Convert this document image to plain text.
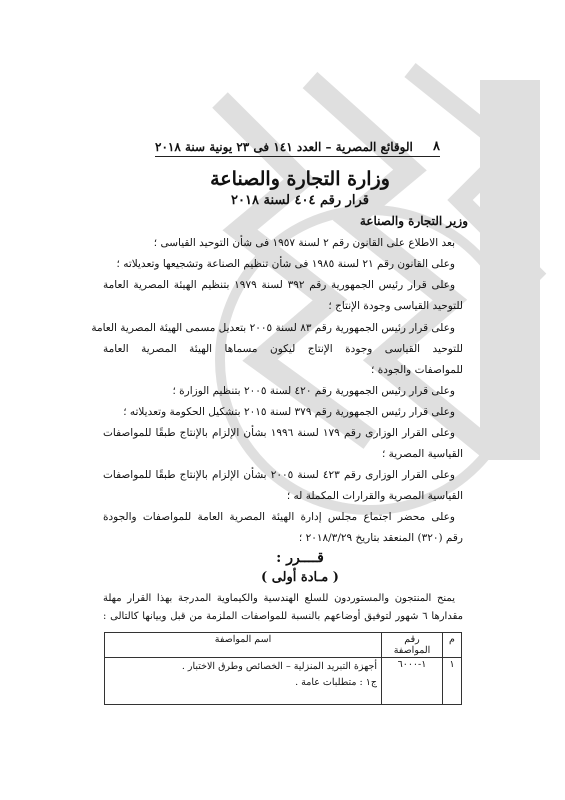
٨
الوقائع المصرية – العدد ١٤١ فى ٢٣ يونية سنة ٢٠١٨
وزارة التجارة والصناعة
قرار رقم ٤٠٤ لسنة ٢٠١٨
وزير التجارة والصناعة
بعد الاطلاع على القانون رقم ٢ لسنة ١٩٥٧ فى شأن التوحيد القياسى ؛
وعلى القانون رقم ٢١ لسنة ١٩٨٥ فى شأن تنظيم الصناعة وتشجيعها وتعديلاته ؛
وعلى قرار رئيس الجمهورية رقم ٣٩٢ لسنة ١٩٧٩ بتنظيم الهيئة المصرية العامة
للتوحيد القياسى وجودة الإنتاج ؛
وعلى قرار رئيس الجمهورية رقم ٨٣ لسنة ٢٠٠٥ بتعديل مسمى الهيئة المصرية العامة
للتوحيد القياسى وجودة الإنتاج ليكون مسماها الهيئة المصرية العامة
للمواصفات والجودة ؛
وعلى قرار رئيس الجمهورية رقم ٤٢٠ لسنة ٢٠٠٥ بتنظيم الوزارة ؛
وعلى قرار رئيس الجمهورية رقم ٣٧٩ لسنة ٢٠١٥ بتشكيل الحكومة وتعديلاته ؛
وعلى القرار الوزارى رقم ١٧٩ لسنة ١٩٩٦ بشأن الإلزام بالإنتاج طبقًا للمواصفات
القياسية المصرية ؛
وعلى القرار الوزارى رقم ٤٢٣ لسنة ٢٠٠٥ بشأن الإلزام بالإنتاج طبقًا للمواصفات
القياسية المصرية والقرارات المكملة له ؛
وعلى محضر اجتماع مجلس إدارة الهيئة المصرية العامة للمواصفات والجودة
رقم (٣٢٠) المنعقد بتاريخ ٢٠١٨/٣/٢٩ ؛
قــــرر :
( مـادة أولى )
يمنح المنتجون والمستوردون للسلع الهندسية والكيماوية المدرجة بهذا القرار مهلة
مقدارها ٦ شهور لتوفيق أوضاعهم بالنسبة للمواصفات الملزمة من قبل وبيانها كالتالى :
م	رقم المواصفة	اسم المواصفة
١	١-٦٠٠٠	أجهزة التبريد المنزلية – الخصائص وطرق الاختبار .
ج١ : متطلبات عامة .
